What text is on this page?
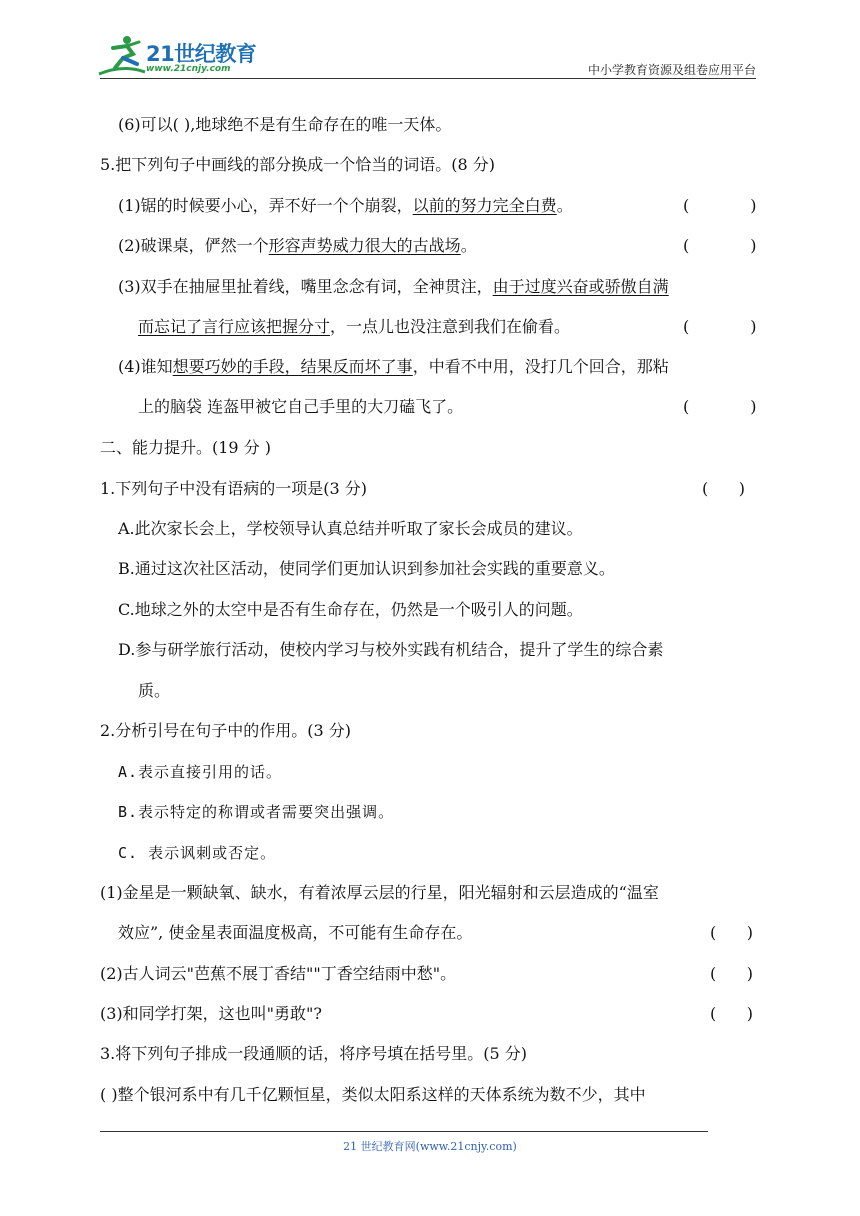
21世纪教育
www.21cnjy.com	中小学教育资源及组卷应用平台
(6)可以( ),地球绝不是有生命存在的唯一天体。
5.把下列句子中画线的部分换成一个恰当的词语。(8 分)
(1)锯的时候要小心，弄不好一个个崩裂，以前的努力完全白费。	(            )
(2)破课桌，俨然一个形容声势威力很大的古战场。	(            )
(3)双手在抽屉里扯着线，嘴里念念有词，全神贯注，由于过度兴奋或骄傲自满
而忘记了言行应该把握分寸，一点儿也没注意到我们在偷看。	(            )
(4)谁知想要巧妙的手段，结果反而坏了事，中看不中用，没打几个回合，那粘
上的脑袋 连盔甲被它自己手里的大刀磕飞了。	(            )
二、能力提升。(19 分 )
1.下列句子中没有语病的一项是(3 分)	(      )
A.此次家长会上，学校领导认真总结并听取了家长会成员的建议。
B.通过这次社区活动，使同学们更加认识到参加社会实践的重要意义。
C.地球之外的太空中是否有生命存在，仍然是一个吸引人的问题。
D.参与研学旅行活动，使校内学习与校外实践有机结合，提升了学生的综合素
质。
2.分析引号在句子中的作用。(3 分)
A.表示直接引用的话。
B.表示特定的称谓或者需要突出强调。
C. 表示讽刺或否定。
(1)金星是一颗缺氧、缺水，有着浓厚云层的行星，阳光辐射和云层造成的“温室
效应”, 使金星表面温度极高，不可能有生命存在。	(      )
(2)古人词云"芭蕉不展丁香结""丁香空结雨中愁"。	(      )
(3)和同学打架，这也叫"勇敢"?	(      )
3.将下列句子排成一段通顺的话，将序号填在括号里。(5 分)
( )整个银河系中有几千亿颗恒星，类似太阳系这样的天体系统为数不少，其中
21 世纪教育网(www.21cnjy.com)
